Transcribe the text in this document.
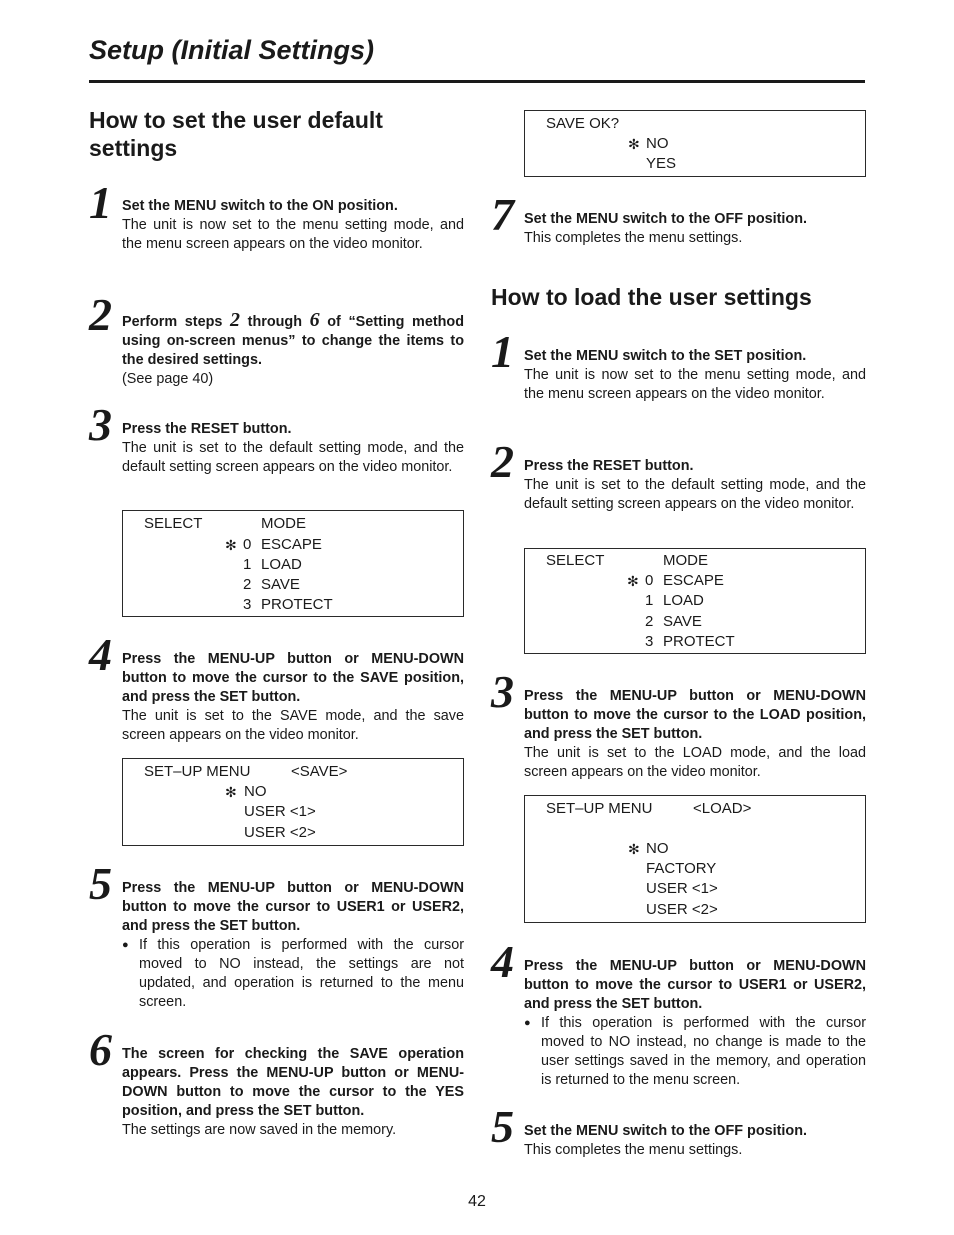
Setup (Initial Settings)
How to set the user default settings
1 Set the MENU switch to the ON position.
The unit is now set to the menu setting mode, and the menu screen appears on the video monitor.
2 Perform steps 2 through 6 of “Setting method using on-screen menus” to change the items to the desired settings.
(See page 40)
3 Press the RESET button.
The unit is set to the default setting mode, and the default setting screen appears on the video monitor.
SELECT	MODE
✻ 0 ESCAPE
1 LOAD
2 SAVE
3 PROTECT
4 Press the MENU-UP button or MENU-DOWN button to move the cursor to the SAVE position, and press the SET button.
The unit is set to the SAVE mode, and the save screen appears on the video monitor.
SET–UP MENU	<SAVE>
✻ NO
USER <1>
USER <2>
5 Press the MENU-UP button or MENU-DOWN button to move the cursor to USER1 or USER2, and press the SET button.
● If this operation is performed with the cursor moved to NO instead, the settings are not updated, and operation is returned to the menu screen.
6 The screen for checking the SAVE operation appears. Press the MENU-UP button or MENU-DOWN button to move the cursor to the YES position, and press the SET button.
The settings are now saved in the memory.
SAVE OK?
✻ NO
YES
7 Set the MENU switch to the OFF position.
This completes the menu settings.
How to load the user settings
1 Set the MENU switch to the SET position.
The unit is now set to the menu setting mode, and the menu screen appears on the video monitor.
2 Press the RESET button.
The unit is set to the default setting mode, and the default setting screen appears on the video monitor.
SELECT	MODE
✻ 0 ESCAPE
1 LOAD
2 SAVE
3 PROTECT
3 Press the MENU-UP button or MENU-DOWN button to move the cursor to the LOAD position, and press the SET button.
The unit is set to the LOAD mode, and the load screen appears on the video monitor.
SET–UP MENU	<LOAD>
✻ NO
FACTORY
USER <1>
USER <2>
4 Press the MENU-UP button or MENU-DOWN button to move the cursor to USER1 or USER2, and press the SET button.
● If this operation is performed with the cursor moved to NO instead, no change is made to the user settings saved in the memory, and operation is returned to the menu screen.
5 Set the MENU switch to the OFF position.
This completes the menu settings.
42
